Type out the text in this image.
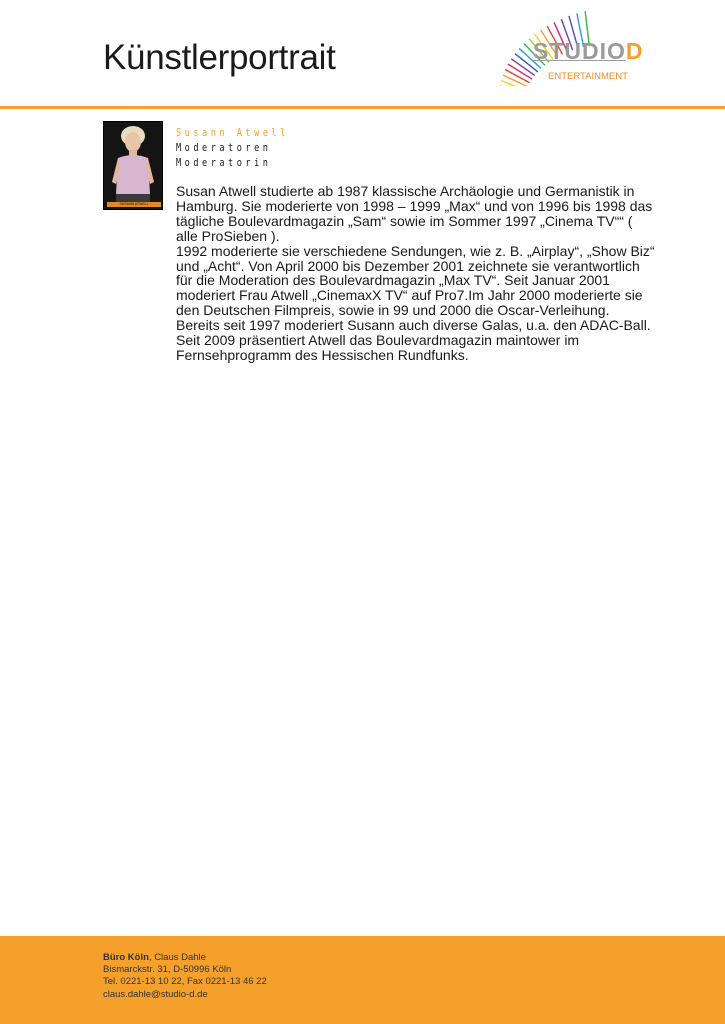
Künstlerportrait	STUDIOD
ENTERTAINMENT
SUSANN ATWELL
Susann Atwell
Moderatoren
Moderatorin

Susan Atwell studierte ab 1987 klassische Archäologie und Germanistik in Hamburg. Sie moderierte von 1998 – 1999 „Max“ und von 1996 bis 1998 das tägliche Boulevardmagazin „Sam“ sowie im Sommer 1997 „Cinema TV““ ( alle ProSieben ).

1992 moderierte sie verschiedene Sendungen, wie z. B. „Airplay“, „Show Biz“ und „Acht“. Von April 2000 bis Dezember 2001 zeichnete sie verantwortlich für die Moderation des Boulevardmagazin „Max TV“. Seit Januar 2001 moderiert Frau Atwell „CinemaxX TV“ auf Pro7.Im Jahr 2000 moderierte sie den Deutschen Filmpreis, sowie in 99 und 2000 die Oscar-Verleihung. Bereits seit 1997 moderiert Susann auch diverse Galas, u.a. den ADAC-Ball.

Seit 2009 präsentiert Atwell das Boulevardmagazin maintower im Fernsehprogramm des Hessischen Rundfunks.

Büro Köln, Claus Dahle
Bismarckstr. 31, D-50996 Köln
Tel. 0221-13 10 22, Fax 0221-13 46 22
claus.dahle@studio-d.de
